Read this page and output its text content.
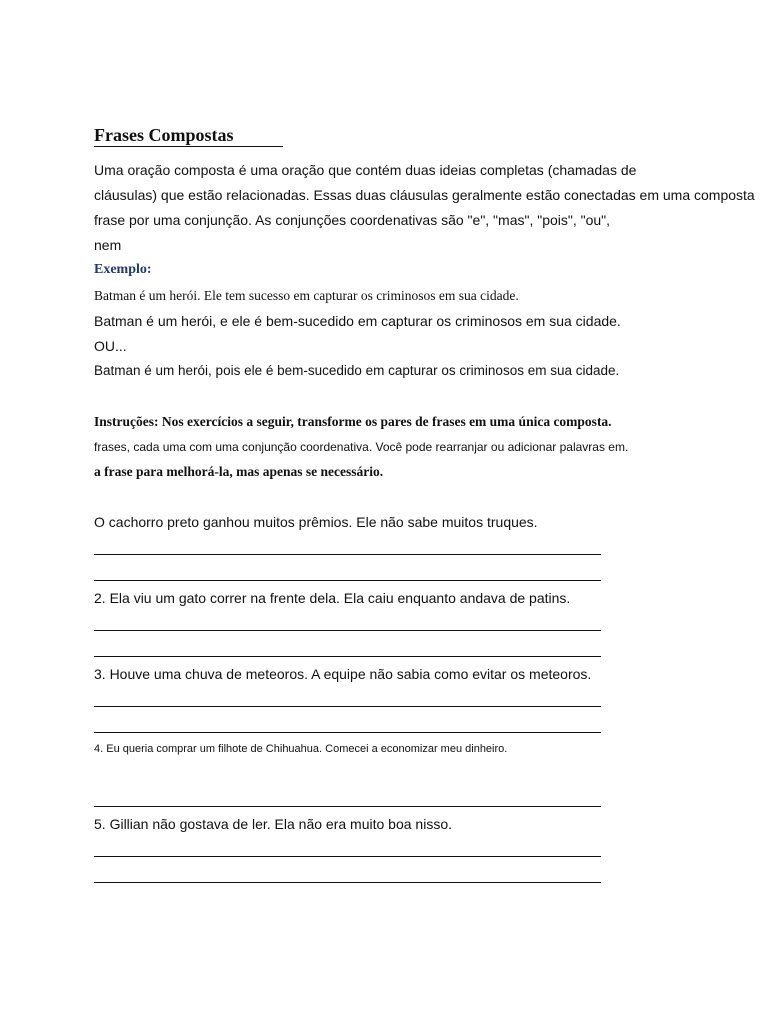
Frases Compostas
Uma oração composta é uma oração que contém duas ideias completas (chamadas de
cláusulas) que estão relacionadas. Essas duas cláusulas geralmente estão conectadas em uma composta
frase por uma conjunção. As conjunções coordenativas são "e", "mas", "pois", "ou",
nem
Exemplo:
Batman é um herói. Ele tem sucesso em capturar os criminosos em sua cidade.
Batman é um herói, e ele é bem-sucedido em capturar os criminosos em sua cidade.
OU...
Batman é um herói, pois ele é bem-sucedido em capturar os criminosos em sua cidade.
Instruções: Nos exercícios a seguir, transforme os pares de frases em uma única composta.
frases, cada uma com uma conjunção coordenativa. Você pode rearranjar ou adicionar palavras em.
a frase para melhorá-la, mas apenas se necessário.
O cachorro preto ganhou muitos prêmios. Ele não sabe muitos truques.
2. Ela viu um gato correr na frente dela. Ela caiu enquanto andava de patins.
3. Houve uma chuva de meteoros. A equipe não sabia como evitar os meteoros.
4. Eu queria comprar um filhote de Chihuahua. Comecei a economizar meu dinheiro.
5. Gillian não gostava de ler. Ela não era muito boa nisso.
